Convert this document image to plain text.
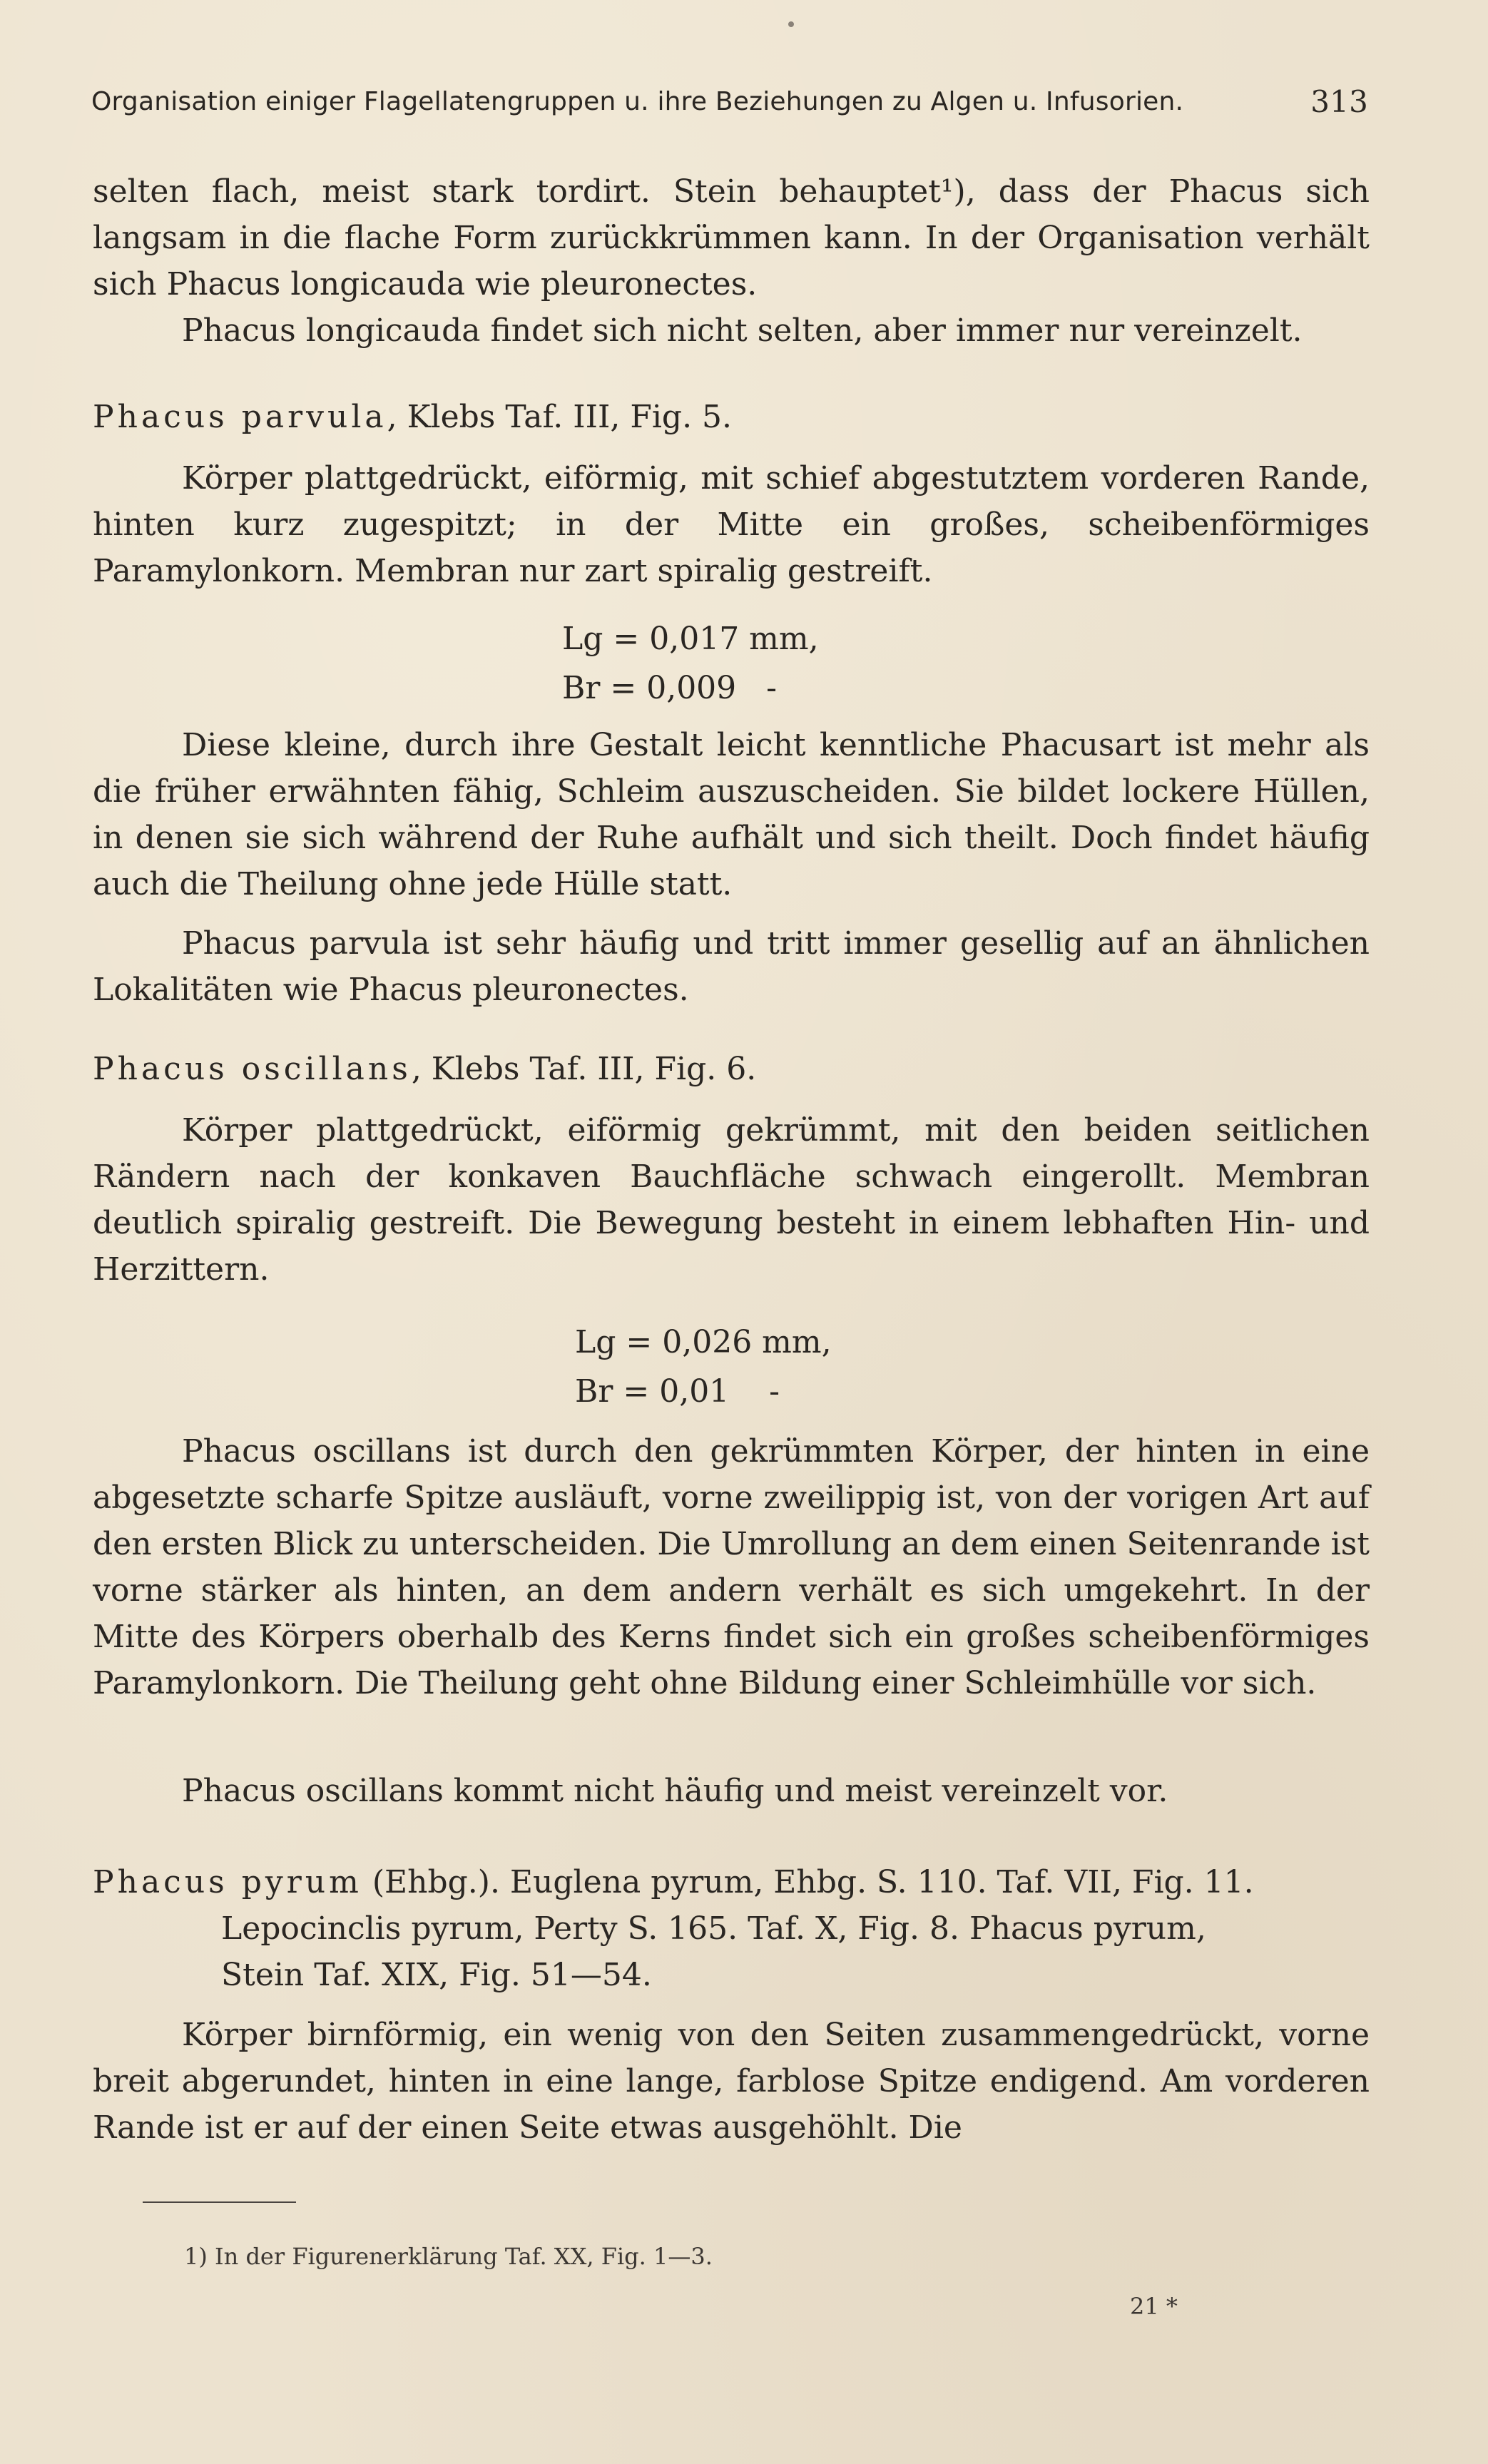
Organisation einiger Flagellatengruppen u. ihre Beziehungen zu Algen u. Infusorien.	313
selten flach, meist stark tordirt. Stein behauptet¹), dass der Phacus sich langsam in die flache Form zurückkrümmen kann. In der Organisation verhält sich Phacus longicauda wie pleuronectes.
Phacus longicauda findet sich nicht selten, aber immer nur vereinzelt.
Phacus parvula, Klebs Taf. III, Fig. 5.
Körper plattgedrückt, eiförmig, mit schief abgestutztem vorderen Rande, hinten kurz zugespitzt; in der Mitte ein großes, scheibenförmiges Paramylonkorn. Membran nur zart spiralig gestreift.
Lg = 0,017 mm,
Br = 0,009   -
Diese kleine, durch ihre Gestalt leicht kenntliche Phacusart ist mehr als die früher erwähnten fähig, Schleim auszuscheiden. Sie bildet lockere Hüllen, in denen sie sich während der Ruhe aufhält und sich theilt. Doch findet häufig auch die Theilung ohne jede Hülle statt.
Phacus parvula ist sehr häufig und tritt immer gesellig auf an ähnlichen Lokalitäten wie Phacus pleuronectes.
Phacus oscillans, Klebs Taf. III, Fig. 6.
Körper plattgedrückt, eiförmig gekrümmt, mit den beiden seitlichen Rändern nach der konkaven Bauchfläche schwach eingerollt. Membran deutlich spiralig gestreift. Die Bewegung besteht in einem lebhaften Hin- und Herzittern.
Lg = 0,026 mm,
Br = 0,01    -
Phacus oscillans ist durch den gekrümmten Körper, der hinten in eine abgesetzte scharfe Spitze ausläuft, vorne zweilippig ist, von der vorigen Art auf den ersten Blick zu unterscheiden. Die Umrollung an dem einen Seitenrande ist vorne stärker als hinten, an dem andern verhält es sich umgekehrt. In der Mitte des Körpers oberhalb des Kerns findet sich ein großes scheibenförmiges Paramylonkorn. Die Theilung geht ohne Bildung einer Schleimhülle vor sich.
Phacus oscillans kommt nicht häufig und meist vereinzelt vor.
Phacus pyrum (Ehbg.). Euglena pyrum, Ehbg. S. 110. Taf. VII, Fig. 11.
Lepocinclis pyrum, Perty S. 165. Taf. X, Fig. 8. Phacus pyrum,
Stein Taf. XIX, Fig. 51—54.
Körper birnförmig, ein wenig von den Seiten zusammengedrückt, vorne breit abgerundet, hinten in eine lange, farblose Spitze endigend. Am vorderen Rande ist er auf der einen Seite etwas ausgehöhlt. Die
1) In der Figurenerklärung Taf. XX, Fig. 1—3.
21 *
